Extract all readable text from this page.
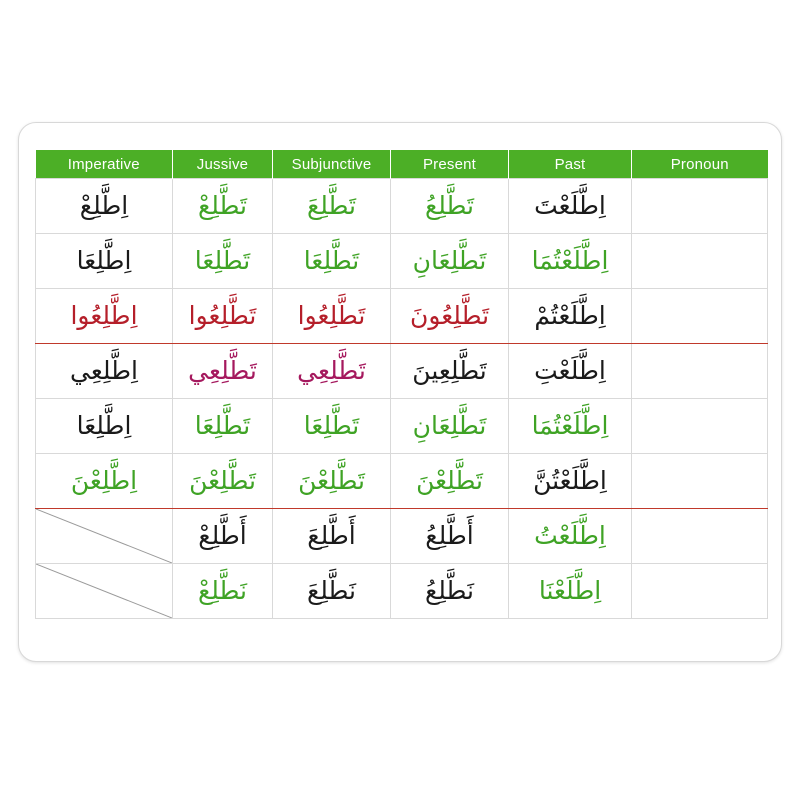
Imperative	Jussive	Subjunctive	Present	Past	Pronoun
اِطَّلِعْ	تَطَّلِعْ	تَطَّلِعَ	تَطَّلِعُ	اِطَّلَعْتَ	You
(m. s.) أَنْتَ

اِطَّلِعَا	تَطَّلِعَا	تَطَّلِعَا	تَطَّلِعَانِ	اِطَّلَعْتُمَا	You
(m. dual) أَنْتُمَا

اِطَّلِعُوا	تَطَّلِعُوا	تَطَّلِعُوا	تَطَّلِعُونَ	اِطَّلَعْتُمْ	You
(m. pl.) أَنْتُمْ

اِطَّلِعِي	تَطَّلِعِي	تَطَّلِعِي	تَطَّلِعِينَ	اِطَّلَعْتِ	You
(f. s.) أَنْتِ

اِطَّلِعَا	تَطَّلِعَا	تَطَّلِعَا	تَطَّلِعَانِ	اِطَّلَعْتُمَا	You
(f. dual) أَنْتُمَا

اِطَّلِعْنَ	تَطَّلِعْنَ	تَطَّلِعْنَ	تَطَّلِعْنَ	اِطَّلَعْتُنَّ	You
(f. pl.) أَنْتُنَّ

	أَطَّلِعْ	أَطَّلِعَ	أَطَّلِعُ	اِطَّلَعْتُ	I (m. & f.) أَنَا

	نَطَّلِعْ	نَطَّلِعَ	نَطَّلِعُ	اِطَّلَعْنَا	We
(m. & f.) نَحْنُ
